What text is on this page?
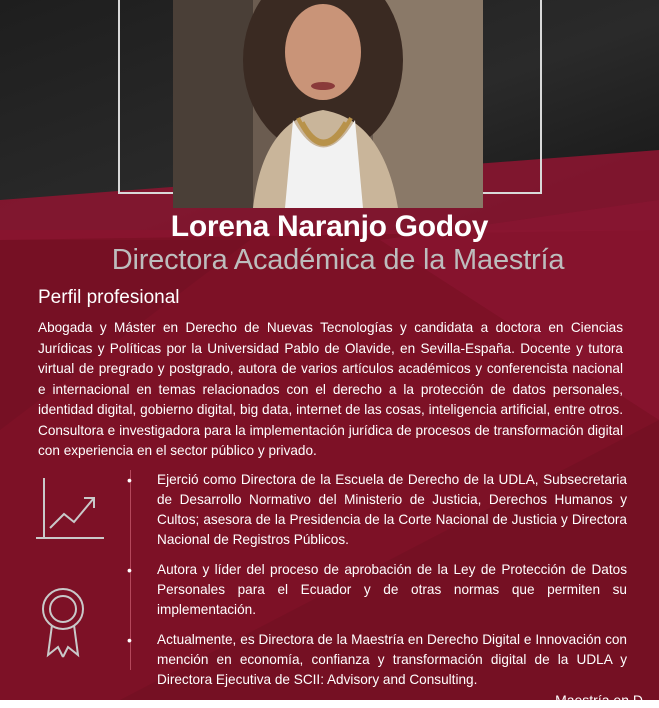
Lorena Naranjo Godoy
Directora Académica de la Maestría
Perfil profesional
Abogada y Máster en Derecho de Nuevas Tecnologías y candidata a doctora en Ciencias Jurídicas y Políticas por la Universidad Pablo de Olavide, en Sevilla-España. Docente y tutora virtual de pregrado y postgrado, autora de varios artículos académicos y conferencista nacional e internacional en temas relacionados con el derecho a la protección de datos personales, identidad digital, gobierno digital, big data, internet de las cosas, inteligencia artificial, entre otros. Consultora e investigadora para la implementación jurídica de procesos de transformación digital con experiencia en el sector público y privado.
• Ejerció como Directora de la Escuela de Derecho de la UDLA, Subsecretaria de Desarrollo Normativo del Ministerio de Justicia, Derechos Humanos y Cultos; asesora de la Presidencia de la Corte Nacional de Justicia y Directora Nacional de Registros Públicos.
• Autora y líder del proceso de aprobación de la Ley de Protección de Datos Personales para el Ecuador y de otras normas que permiten su implementación.
• Actualmente, es Directora de la Maestría en Derecho Digital e Innovación con mención en economía, confianza y transformación digital de la UDLA y Directora Ejecutiva de SCII: Advisory and Consulting.
Maestría en D
